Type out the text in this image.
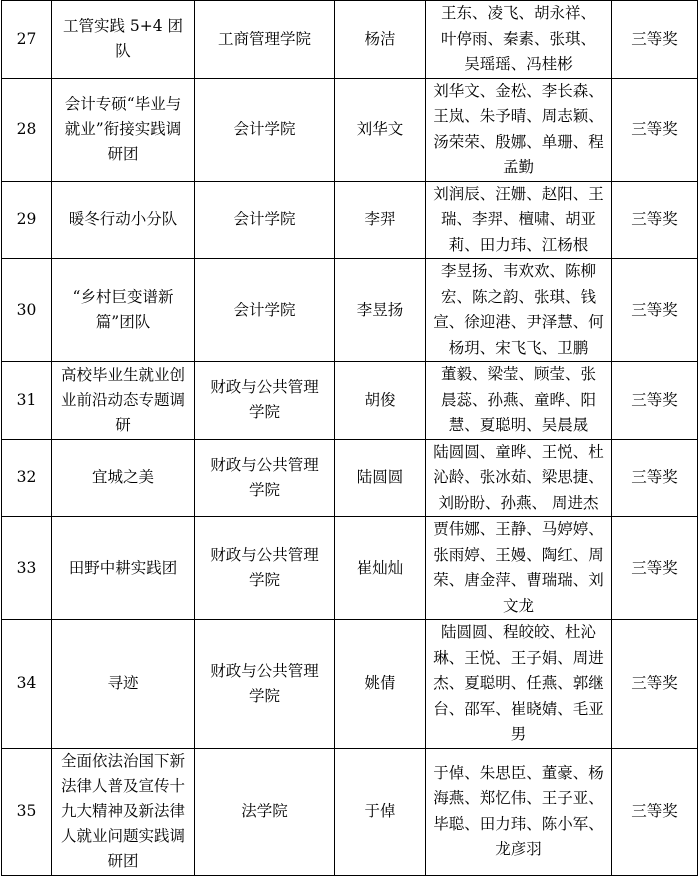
27	工管实践 5+4 团队	工商管理学院	杨洁	王东、凌飞、胡永祥、叶停雨、秦素、张琪、吴瑶瑶、冯桂彬	三等奖
28	会计专硕“毕业与就业”衔接实践调研团	会计学院	刘华文	刘华文、金松、李长森、王岚、朱予晴、周志颖、汤荣荣、殷娜、单珊、程孟勤	三等奖
29	暖冬行动小分队	会计学院	李羿	刘润辰、汪姗、赵阳、王瑞、李羿、檀啸、胡亚莉、田力玮、江杨根	三等奖
30	“乡村巨变谱新篇”团队	会计学院	李昱扬	李昱扬、韦欢欢、陈柳宏、陈之韵、张琪、钱宣、徐迎港、尹泽慧、何杨玥、宋飞飞、卫鹏	三等奖
31	高校毕业生就业创业前沿动态专题调研	财政与公共管理学院	胡俊	董毅、梁莹、顾莹、张晨蕊、孙燕、童晔、阳慧、夏聪明、吴晨晟	三等奖
32	宜城之美	财政与公共管理学院	陆圆圆	陆圆圆、童晔、王悦、杜沁龄、张冰茹、梁思捷、刘盼盼、孙燕、 周进杰	三等奖
33	田野中耕实践团	财政与公共管理学院	崔灿灿	贾伟娜、王静、马婷婷、张雨婷、王嫚、陶红、周荣、唐金萍、曹瑞瑞、刘文龙	三等奖
34	寻迹	财政与公共管理学院	姚倩	陆圆圆、程皎皎、杜沁琳、王悦、王子娟、周进杰、夏聪明、任燕、郭继台、邵军、崔晓婧、毛亚男	三等奖
35	全面依法治国下新法律人普及宣传十九大精神及新法律人就业问题实践调研团	法学院	于倬	于倬、朱思臣、董豪、杨海燕、郑忆伟、王子亚、毕聪、田力玮、陈小军、龙彦羽	三等奖
